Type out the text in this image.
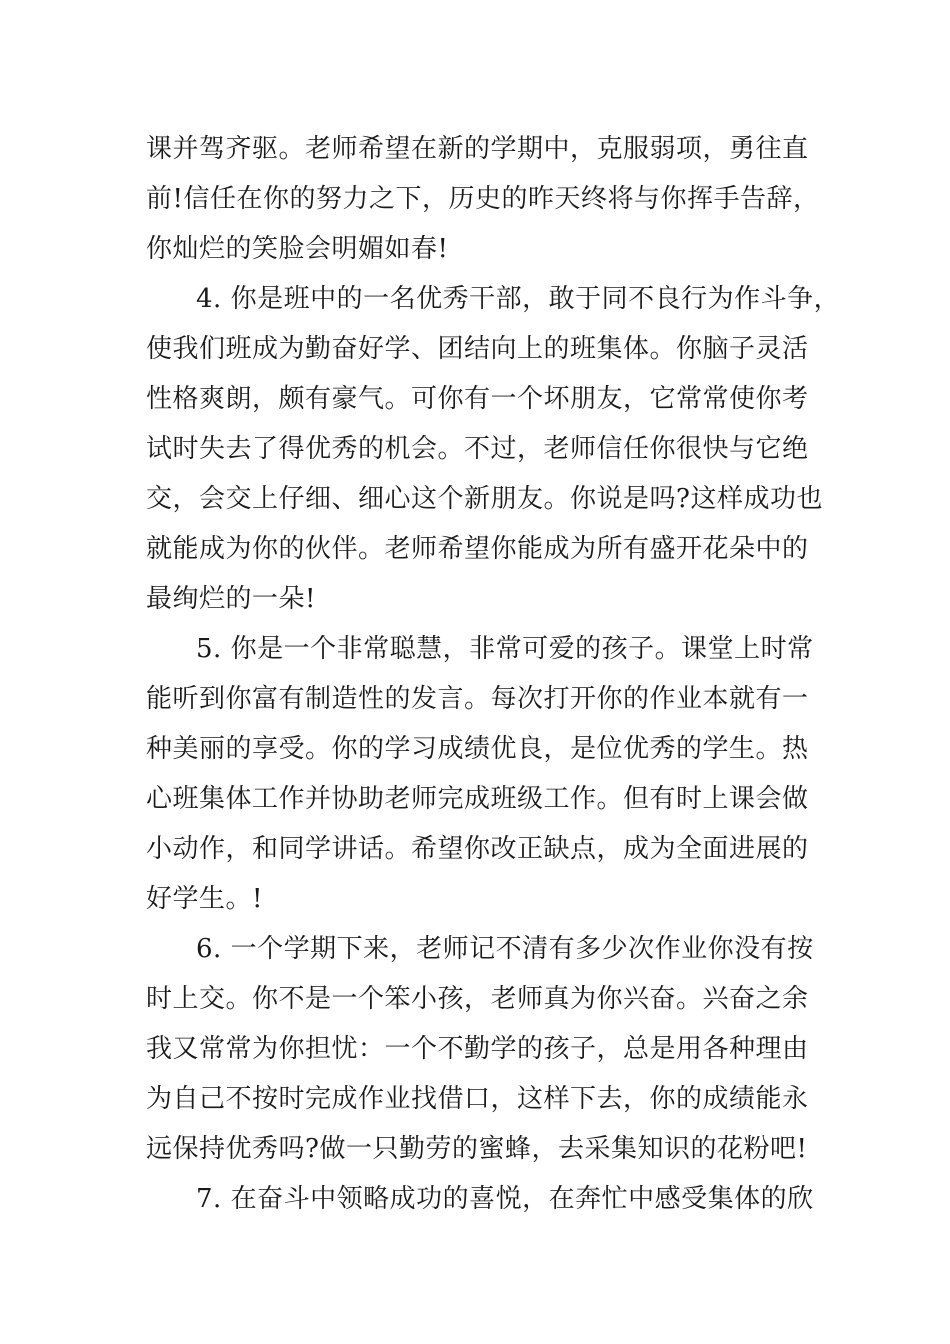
课并驾齐驱。老师希望在新的学期中，克服弱项，勇往直
前!信任在你的努力之下，历史的昨天终将与你挥手告辞，
你灿烂的笑脸会明媚如春!
4. 你是班中的一名优秀干部，敢于同不良行为作斗争，
使我们班成为勤奋好学、团结向上的班集体。你脑子灵活
性格爽朗，颇有豪气。可你有一个坏朋友，它常常使你考
试时失去了得优秀的机会。不过，老师信任你很快与它绝
交，会交上仔细、细心这个新朋友。你说是吗?这样成功也
就能成为你的伙伴。老师希望你能成为所有盛开花朵中的
最绚烂的一朵!
5. 你是一个非常聪慧，非常可爱的孩子。课堂上时常
能听到你富有制造性的发言。每次打开你的作业本就有一
种美丽的享受。你的学习成绩优良，是位优秀的学生。热
心班集体工作并协助老师完成班级工作。但有时上课会做
小动作，和同学讲话。希望你改正缺点，成为全面进展的
好学生。!
6. 一个学期下来，老师记不清有多少次作业你没有按
时上交。你不是一个笨小孩，老师真为你兴奋。兴奋之余
我又常常为你担忧：一个不勤学的孩子，总是用各种理由
为自己不按时完成作业找借口，这样下去，你的成绩能永
远保持优秀吗?做一只勤劳的蜜蜂，去采集知识的花粉吧!
7. 在奋斗中领略成功的喜悦，在奔忙中感受集体的欣
